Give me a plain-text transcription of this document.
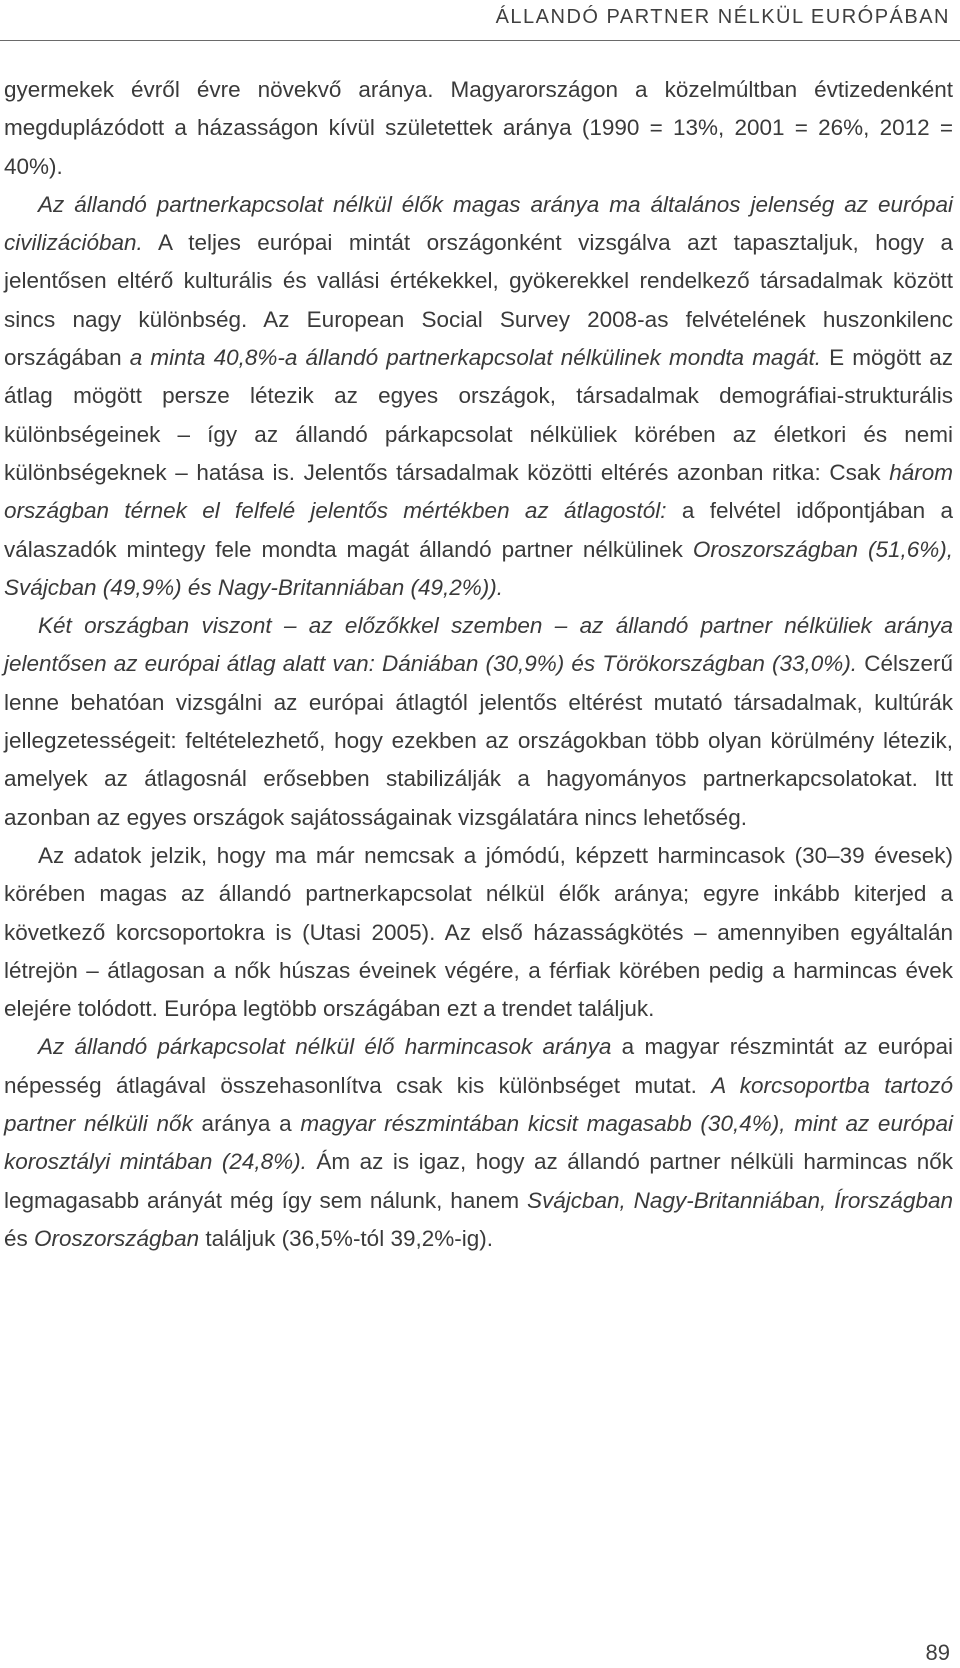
ÁLLANDÓ PARTNER NÉLKÜL EURÓPÁBAN

gyermekek évről évre növekvő aránya. Magyarországon a közelmúltban évtizedenként megduplázódott a házasságon kívül születettek aránya (1990 = 13%, 2001 = 26%, 2012 = 40%).

Az állandó partnerkapcsolat nélkül élők magas aránya ma általános jelenség az európai civilizációban. A teljes európai mintát országonként vizsgálva azt tapasztaljuk, hogy a jelentősen eltérő kulturális és vallási értékekkel, gyökerekkel rendelkező társadalmak között sincs nagy különbség. Az European Social Survey 2008-as felvételének huszonkilenc országában a minta 40,8%-a állandó partnerkapcsolat nélkülinek mondta magát. E mögött az átlag mögött persze létezik az egyes országok, társadalmak demográfiai-strukturális különbségeinek – így az állandó párkapcsolat nélküliek körében az életkori és nemi különbségeknek – hatása is. Jelentős társadalmak közötti eltérés azonban ritka: Csak három országban térnek el felfelé jelentős mértékben az átlagostól: a felvétel időpontjában a válaszadók mintegy fele mondta magát állandó partner nélkülinek Oroszországban (51,6%), Svájcban (49,9%) és Nagy-Britanniában (49,2%)).

Két országban viszont – az előzőkkel szemben – az állandó partner nélküliek aránya jelentősen az európai átlag alatt van: Dániában (30,9%) és Törökországban (33,0%). Célszerű lenne behatóan vizsgálni az európai átlagtól jelentős eltérést mutató társadalmak, kultúrák jellegzetességeit: feltételezhető, hogy ezekben az országokban több olyan körülmény létezik, amelyek az átlagosnál erősebben stabilizálják a hagyományos partnerkapcsolatokat. Itt azonban az egyes országok sajátosságainak vizsgálatára nincs lehetőség.

Az adatok jelzik, hogy ma már nemcsak a jómódú, képzett harmincasok (30–39 évesek) körében magas az állandó partnerkapcsolat nélkül élők aránya; egyre inkább kiterjed a következő korcsoportokra is (Utasi 2005). Az első házasságkötés – amennyiben egyáltalán létrejön – átlagosan a nők húszas éveinek végére, a férfiak körében pedig a harmincas évek elejére tolódott. Európa legtöbb országában ezt a trendet találjuk.

Az állandó párkapcsolat nélkül élő harmincasok aránya a magyar részmintát az európai népesség átlagával összehasonlítva csak kis különbséget mutat. A korcsoportba tartozó partner nélküli nők aránya a magyar részmintában kicsit magasabb (30,4%), mint az európai korosztályi mintában (24,8%). Ám az is igaz, hogy az állandó partner nélküli harmincas nők legmagasabb arányát még így sem nálunk, hanem Svájcban, Nagy-Britanniában, Írországban és Oroszországban találjuk (36,5%-tól 39,2%-ig).

89
